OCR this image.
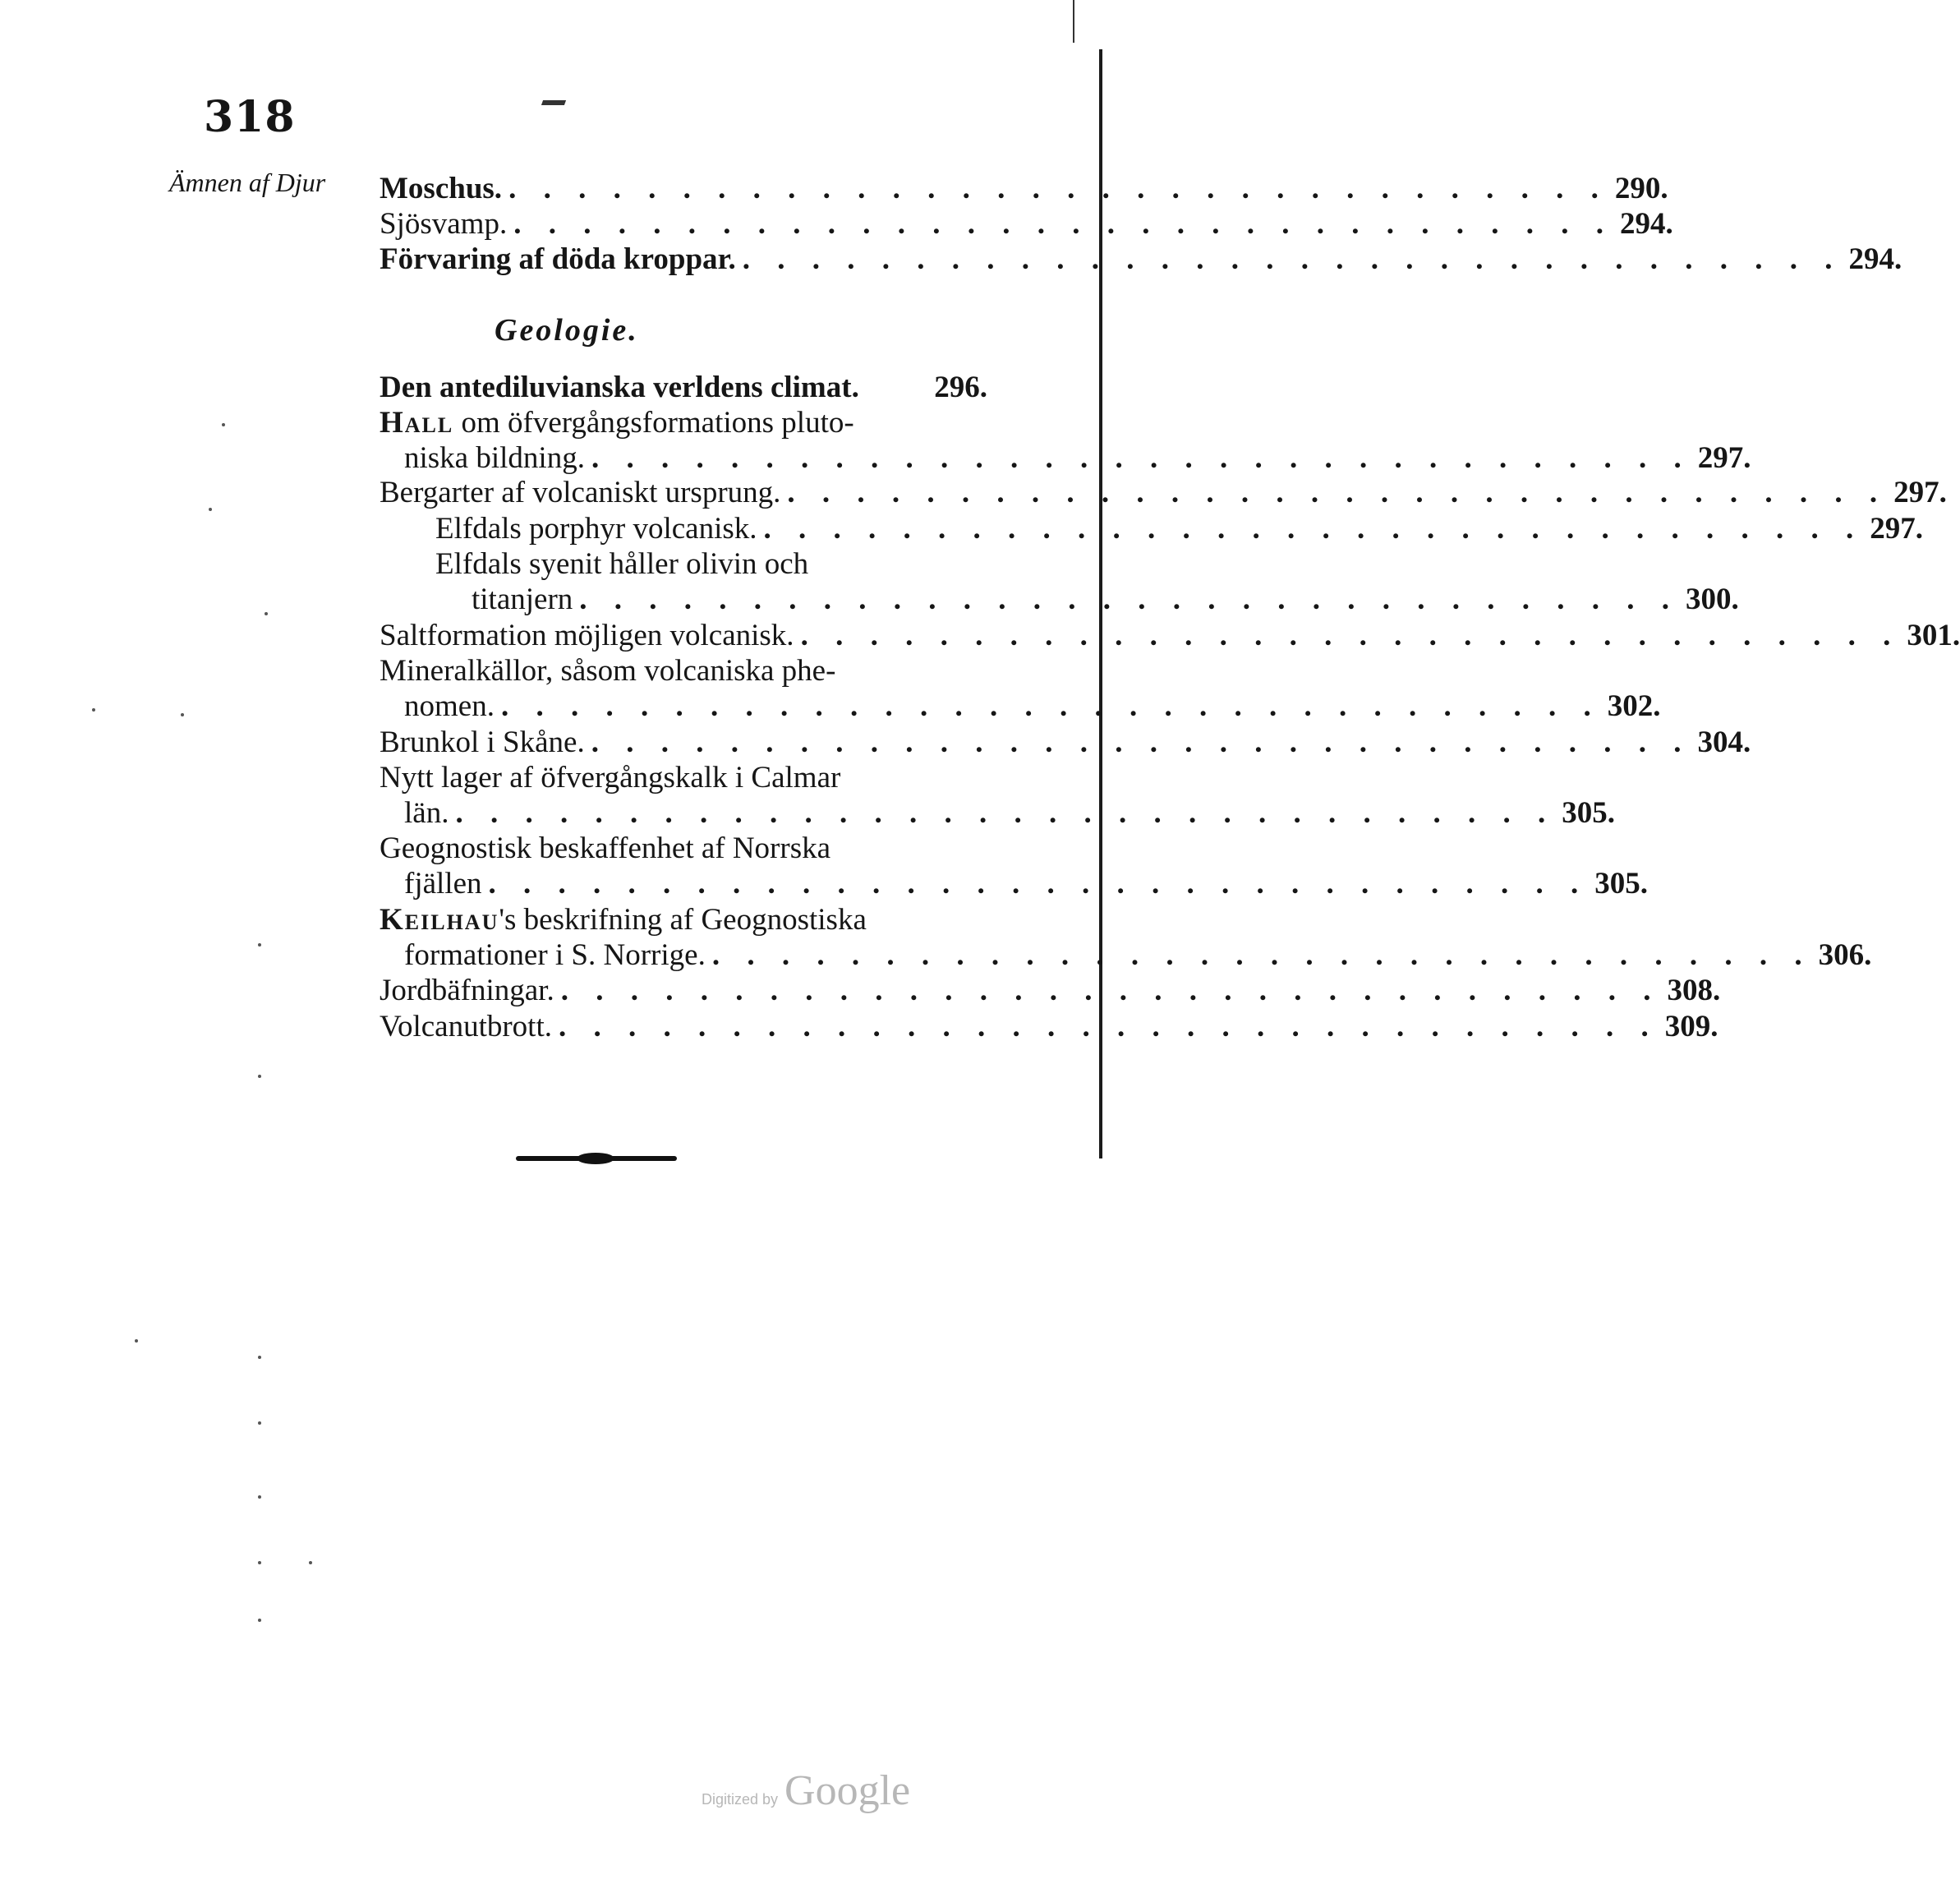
318
Ämnen af Djur
Geologie.
Moschus. . . . . . . . . . . . . . . . . . . . . . . . . . . . . . . . . 290.
Sjösvamp. . . . . . . . . . . . . . . . . . . . . . . . . . . . . . . . . 294.
Förvaring af döda kroppar. . . . . . . . . . . . . . . . . . . . . . . . . . . . . . . . . 294.
Den antediluvianska verldens climat. 296.
Hall om öfvergångsformations pluto-
niska bildning. . . . . . . . . . . . . . . . . . . . . . . . . . . . . . . . . 297.
Bergarter af volcaniskt ursprung. . . . . . . . . . . . . . . . . . . . . . . . . . . . . . . . . 297.
Elfdals porphyr volcanisk. . . . . . . . . . . . . . . . . . . . . . . . . . . . . . . . . 297.
Elfdals syenit håller olivin och
titanjern . . . . . . . . . . . . . . . . . . . . . . . . . . . . . . . . 300.
Saltformation möjligen volcanisk. . . . . . . . . . . . . . . . . . . . . . . . . . . . . . . . . 301.
Mineralkällor, såsom volcaniska phe-
nomen. . . . . . . . . . . . . . . . . . . . . . . . . . . . . . . . . 302.
Brunkol i Skåne. . . . . . . . . . . . . . . . . . . . . . . . . . . . . . . . . 304.
Nytt lager af öfvergångskalk i Calmar
län. . . . . . . . . . . . . . . . . . . . . . . . . . . . . . . . . 305.
Geognostisk beskaffenhet af Norrska
fjällen . . . . . . . . . . . . . . . . . . . . . . . . . . . . . . . . 305.
Keilhau's beskrifning af Geognostiska
formationer i S. Norrige. . . . . . . . . . . . . . . . . . . . . . . . . . . . . . . . . 306.
Jordbäfningar. . . . . . . . . . . . . . . . . . . . . . . . . . . . . . . . . 308.
Volcanutbrott. . . . . . . . . . . . . . . . . . . . . . . . . . . . . . . . . 309.
Digitized by Google
